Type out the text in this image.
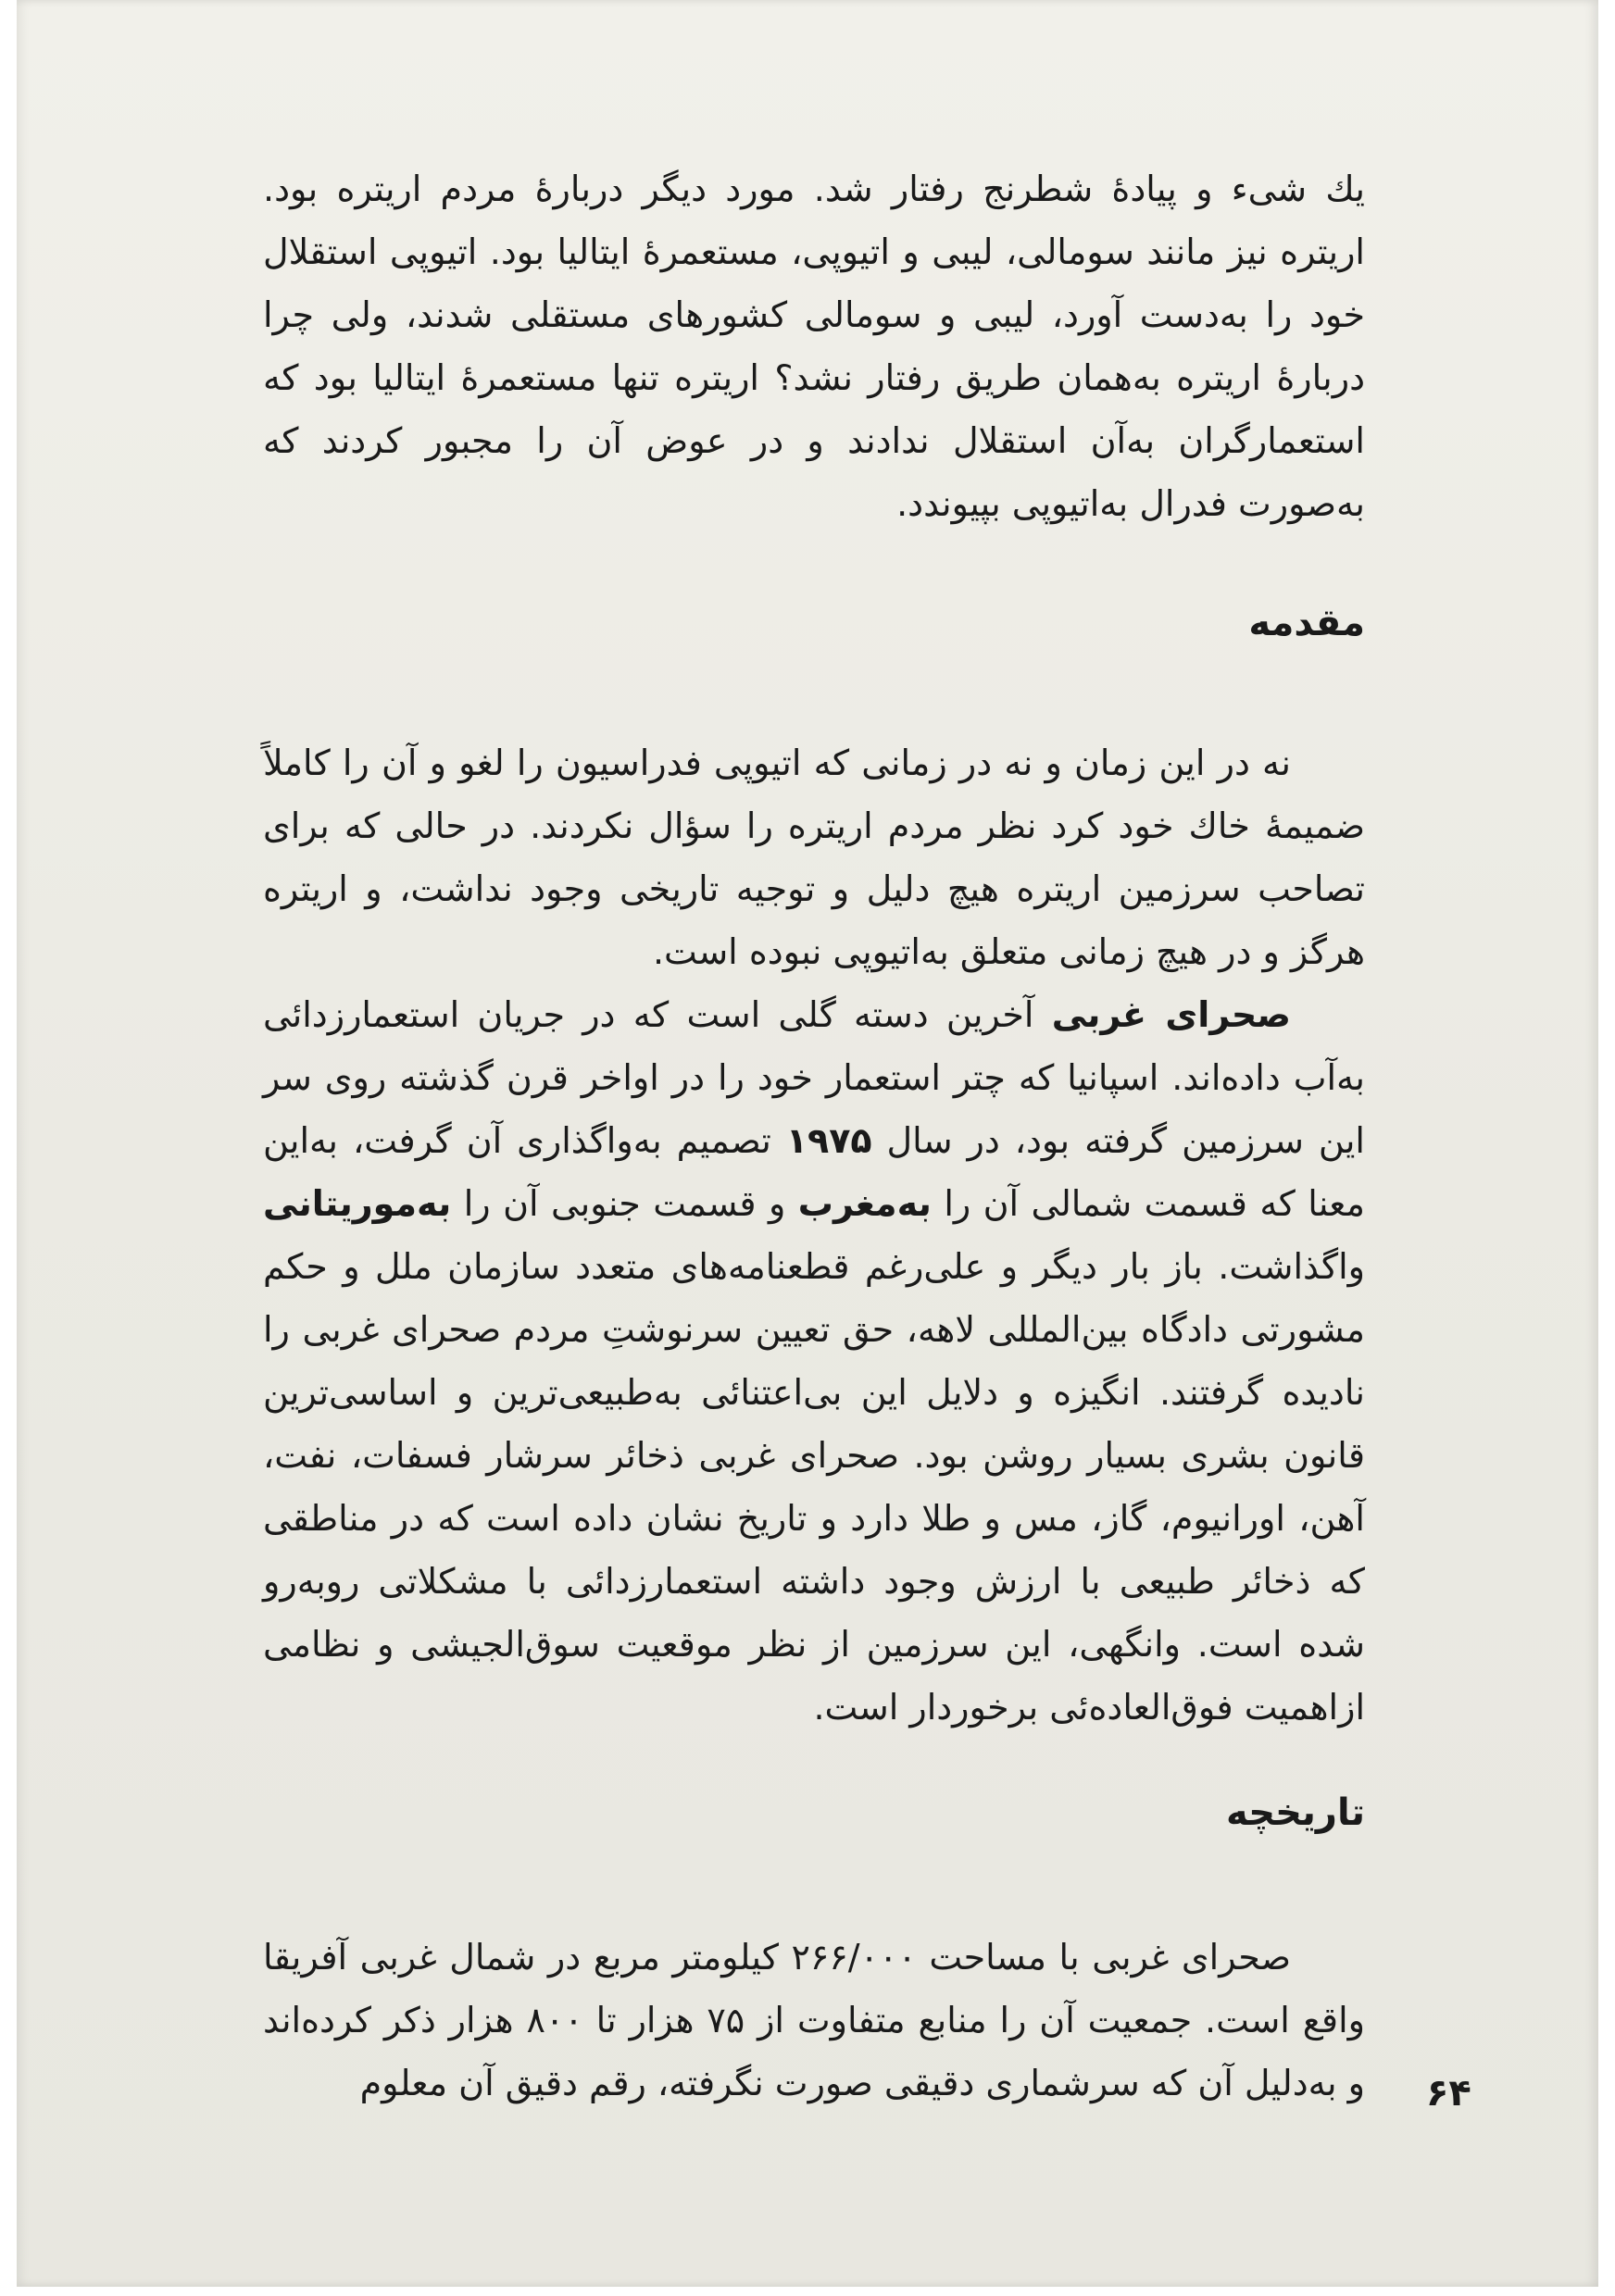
یك شیء و پیادهٔ شطرنج رفتار شد. مورد دیگر دربارهٔ مردم اریتره بود. اریتره نیز مانند سومالی، لیبی و اتیوپی، مستعمرهٔ ایتالیا بود. اتیوپی استقلال خود را به‌دست آورد، لیبی و سومالی کشورهای مستقلی شدند، ولی چرا دربارهٔ اریتره به‌همان طریق رفتار نشد؟ اریتره تنها مستعمرهٔ ایتالیا بود که استعمارگران به‌آن استقلال ندادند و در عوض آن را مجبور کردند که به‌صورت فدرال به‌اتیوپی بپیوندد.

مقدمه

نه در این زمان و نه در زمانی که اتیوپی فدراسیون را لغو و آن را کاملاً ضمیمهٔ خاك خود کرد نظر مردم اریتره را سؤال نکردند. در حالی که برای تصاحب سرزمین اریتره هیچ دلیل و توجیه تاریخی وجود نداشت، و اریتره هرگز و در هیچ زمانی متعلق به‌اتیوپی نبوده است.

صحرای غربی آخرین دسته گلی است که در جریان استعمارزدائی به‌آب داده‌اند. اسپانیا که چتر استعمار خود را در اواخر قرن گذشته روی سر این سرزمین گرفته بود، در سال ۱۹۷۵ تصمیم به‌واگذاری آن گرفت، به‌این معنا که قسمت شمالی آن را به‌مغرب و قسمت جنوبی آن را به‌موریتانی واگذاشت. باز بار دیگر و علی‌رغم قطعنامه‌های متعدد سازمان ملل و حکم مشورتی دادگاه بین‌المللی لاهه، حق تعیین سرنوشتِ مردم صحرای غربی را نادیده گرفتند. انگیزه و دلایل این بی‌اعتنائی به‌طبیعی‌ترین و اساسی‌ترین قانون بشری بسیار روشن بود. صحرای غربی ذخائر سرشار فسفات، نفت، آهن، اورانیوم، گاز، مس و طلا دارد و تاریخ نشان داده است که در مناطقی که ذخائر طبیعی با ارزش وجود داشته استعمارزدائی با مشکلاتی روبه‌رو شده است. وانگهی، این سرزمین از نظر موقعیت سوق‌الجیشی و نظامی ازاهمیت فوق‌العاده‌ئی برخوردار است.

تاریخچه

صحرای غربی با مساحت ۲۶۶/۰۰۰ کیلومتر مربع در شمال غربی آفریقا واقع است. جمعیت آن را منابع متفاوت از ۷۵ هزار تا ۸۰۰ هزار ذکر کرده‌اند و به‌دلیل آن که سرشماری دقیقی صورت نگرفته، رقم دقیق آن معلوم ۶۴
